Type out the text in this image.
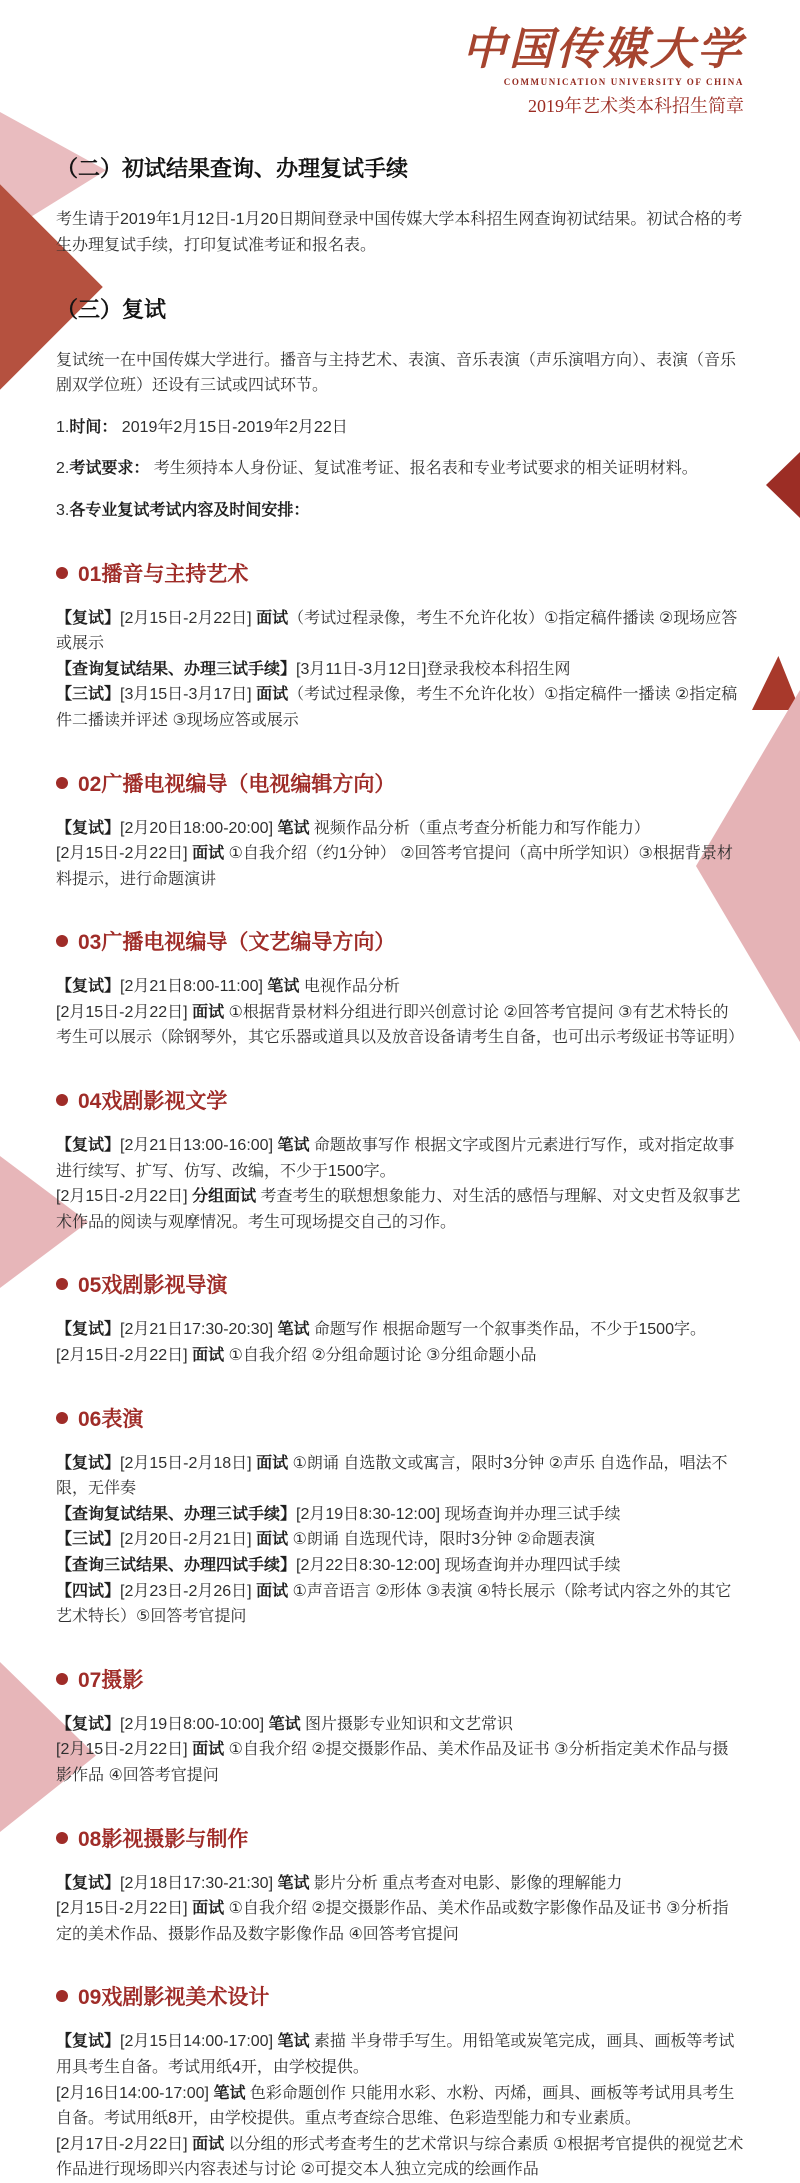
中国传媒大学
COMMUNICATION UNIVERSITY OF CHINA
2019年艺术类本科招生简章
（二）初试结果查询、办理复试手续

考生请于2019年1月12日-1月20日期间登录中国传媒大学本科招生网查询初试结果。初试合格的考生办理复试手续，打印复试准考证和报名表。

（三）复试

复试统一在中国传媒大学进行。播音与主持艺术、表演、音乐表演（声乐演唱方向）、表演（音乐剧双学位班）还设有三试或四试环节。

1.时间： 2019年2月15日-2019年2月22日

2.考试要求： 考生须持本人身份证、复试准考证、报名表和专业考试要求的相关证明材料。

3.各专业复试考试内容及时间安排：

01播音与主持艺术

【复试】[2月15日-2月22日] 面试（考试过程录像，考生不允许化妆）①指定稿件播读 ②现场应答或展示

【查询复试结果、办理三试手续】[3月11日-3月12日]登录我校本科招生网

【三试】[3月15日-3月17日] 面试（考试过程录像，考生不允许化妆）①指定稿件一播读 ②指定稿件二播读并评述 ③现场应答或展示

02广播电视编导（电视编辑方向）

【复试】[2月20日18:00-20:00] 笔试 视频作品分析（重点考查分析能力和写作能力）

[2月15日-2月22日] 面试 ①自我介绍（约1分钟） ②回答考官提问（高中所学知识）③根据背景材料提示，进行命题演讲

03广播电视编导（文艺编导方向）

【复试】[2月21日8:00-11:00] 笔试 电视作品分析

[2月15日-2月22日] 面试 ①根据背景材料分组进行即兴创意讨论 ②回答考官提问 ③有艺术特长的考生可以展示（除钢琴外，其它乐器或道具以及放音设备请考生自备，也可出示考级证书等证明）

04戏剧影视文学

【复试】[2月21日13:00-16:00] 笔试 命题故事写作 根据文字或图片元素进行写作，或对指定故事进行续写、扩写、仿写、改编，不少于1500字。

[2月15日-2月22日] 分组面试 考查考生的联想想象能力、对生活的感悟与理解、对文史哲及叙事艺术作品的阅读与观摩情况。考生可现场提交自己的习作。

05戏剧影视导演

【复试】[2月21日17:30-20:30] 笔试 命题写作 根据命题写一个叙事类作品，不少于1500字。

[2月15日-2月22日] 面试 ①自我介绍 ②分组命题讨论 ③分组命题小品

06表演

【复试】[2月15日-2月18日] 面试 ①朗诵 自选散文或寓言，限时3分钟 ②声乐 自选作品，唱法不限，无伴奏

【查询复试结果、办理三试手续】[2月19日8:30-12:00] 现场查询并办理三试手续

【三试】[2月20日-2月21日] 面试 ①朗诵 自选现代诗，限时3分钟 ②命题表演

【查询三试结果、办理四试手续】[2月22日8:30-12:00] 现场查询并办理四试手续

【四试】[2月23日-2月26日] 面试 ①声音语言 ②形体 ③表演 ④特长展示（除考试内容之外的其它艺术特长）⑤回答考官提问

07摄影

【复试】[2月19日8:00-10:00] 笔试 图片摄影专业知识和文艺常识

[2月15日-2月22日] 面试 ①自我介绍 ②提交摄影作品、美术作品及证书 ③分析指定美术作品与摄影作品 ④回答考官提问

08影视摄影与制作

【复试】[2月18日17:30-21:30] 笔试 影片分析 重点考查对电影、影像的理解能力

[2月15日-2月22日] 面试 ①自我介绍 ②提交摄影作品、美术作品或数字影像作品及证书 ③分析指定的美术作品、摄影作品及数字影像作品 ④回答考官提问

09戏剧影视美术设计

【复试】[2月15日14:00-17:00] 笔试 素描 半身带手写生。用铅笔或炭笔完成，画具、画板等考试用具考生自备。考试用纸4开，由学校提供。

[2月16日14:00-17:00] 笔试 色彩命题创作 只能用水彩、水粉、丙烯，画具、画板等考试用具考生自备。考试用纸8开，由学校提供。重点考查综合思维、色彩造型能力和专业素质。

[2月17日-2月22日] 面试 以分组的形式考查考生的艺术常识与综合素质 ①根据考官提供的视觉艺术作品进行现场即兴内容表述与讨论 ②可提交本人独立完成的绘画作品
